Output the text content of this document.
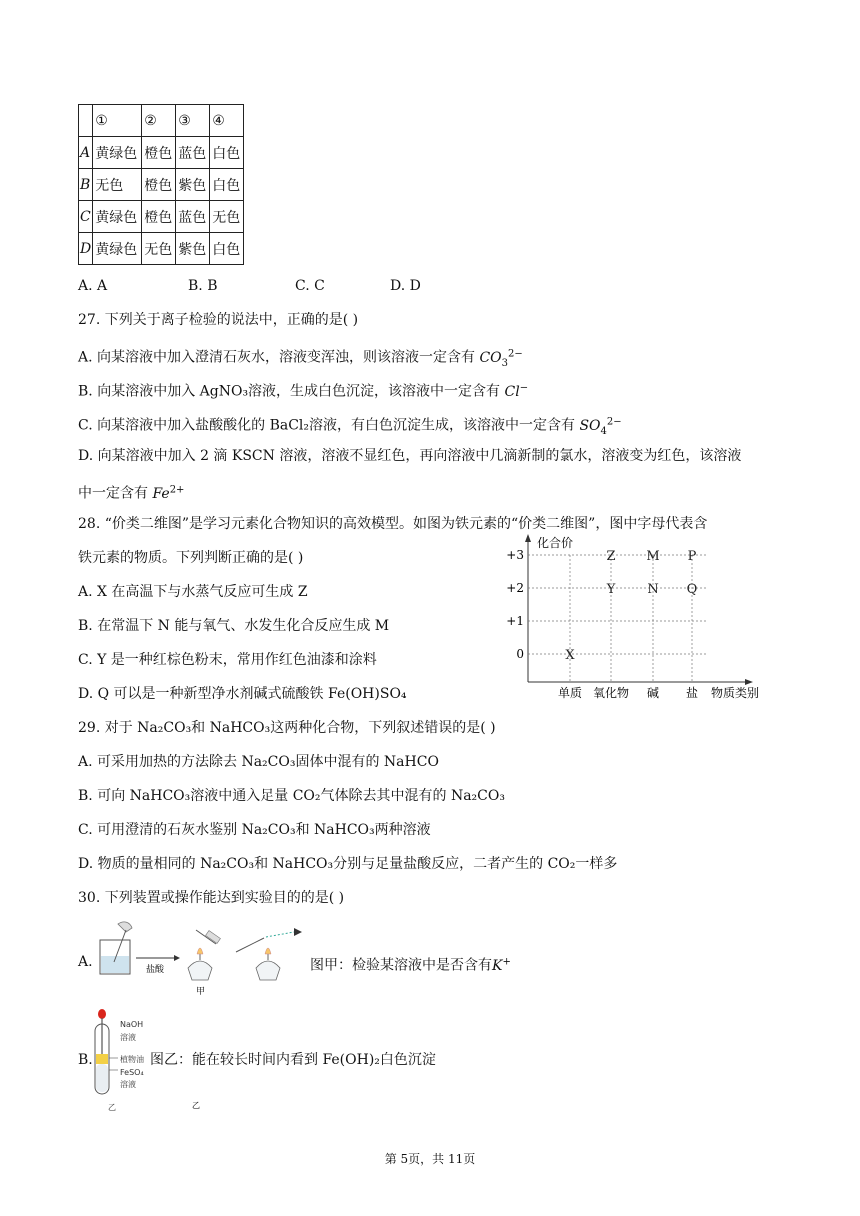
	①	②	③	④
A	黄绿色	橙色	蓝色	白色
B	无色	橙色	紫色	白色
C	黄绿色	橙色	蓝色	无色
D	黄绿色	无色	紫色	白色
A. A	B. B	C. C	D. D
27. 下列关于离子检验的说法中，正确的是( )
A. 向某溶液中加入澄清石灰水，溶液变浑浊，则该溶液一定含有 $CO_3^{2-}$
B. 向某溶液中加入 AgNO₃溶液，生成白色沉淀，该溶液中一定含有 Cl−
C. 向某溶液中加入盐酸酸化的 BaCl₂溶液，有白色沉淀生成，该溶液中一定含有 $SO_4^{2-}$
D. 向某溶液中加入 2 滴 KSCN 溶液，溶液不显红色，再向溶液中几滴新制的氯水，溶液变为红色，该溶液
中一定含有 $Fe^{2+}$
28. “价类二维图”是学习元素化合物知识的高效模型。如图为铁元素的“价类二维图”，图中字母代表含
铁元素的物质。下列判断正确的是( )
A. X 在高温下与水蒸气反应可生成 Z
B. 在常温下 N 能与氧气、水发生化合反应生成 M
C. Y 是一种红棕色粉末，常用作红色油漆和涂料
D. Q 可以是一种新型净水剂碱式硫酸铁 Fe(OH)SO₄
0
+1
+2
+3
单质 氧化物 碱 盐
化合价
物质类别
X
Z
Y
M
N
P
Q
29. 对于 Na₂CO₃和 NaHCO₃这两种化合物，下列叙述错误的是( )
A. 可采用加热的方法除去 Na₂CO₃固体中混有的 NaHCO
B. 可向 NaHCO₃溶液中通入足量 CO₂气体除去其中混有的 Na₂CO₃
C. 可用澄清的石灰水鉴别 Na₂CO₃和 NaHCO₃两种溶液
D. 物质的量相同的 Na₂CO₃和 NaHCO₃分别与足量盐酸反应，二者产生的 CO₂一样多
30. 下列装置或操作能达到实验目的的是( )
A.	盐酸
甲
图甲：检验某溶液中是否含有K+
B.
乙
NaOH
溶液
植物油
FeSO₄
溶液
乙
图乙：能在较长时间内看到 Fe(OH)₂白色沉淀
第 5页，共 11页
